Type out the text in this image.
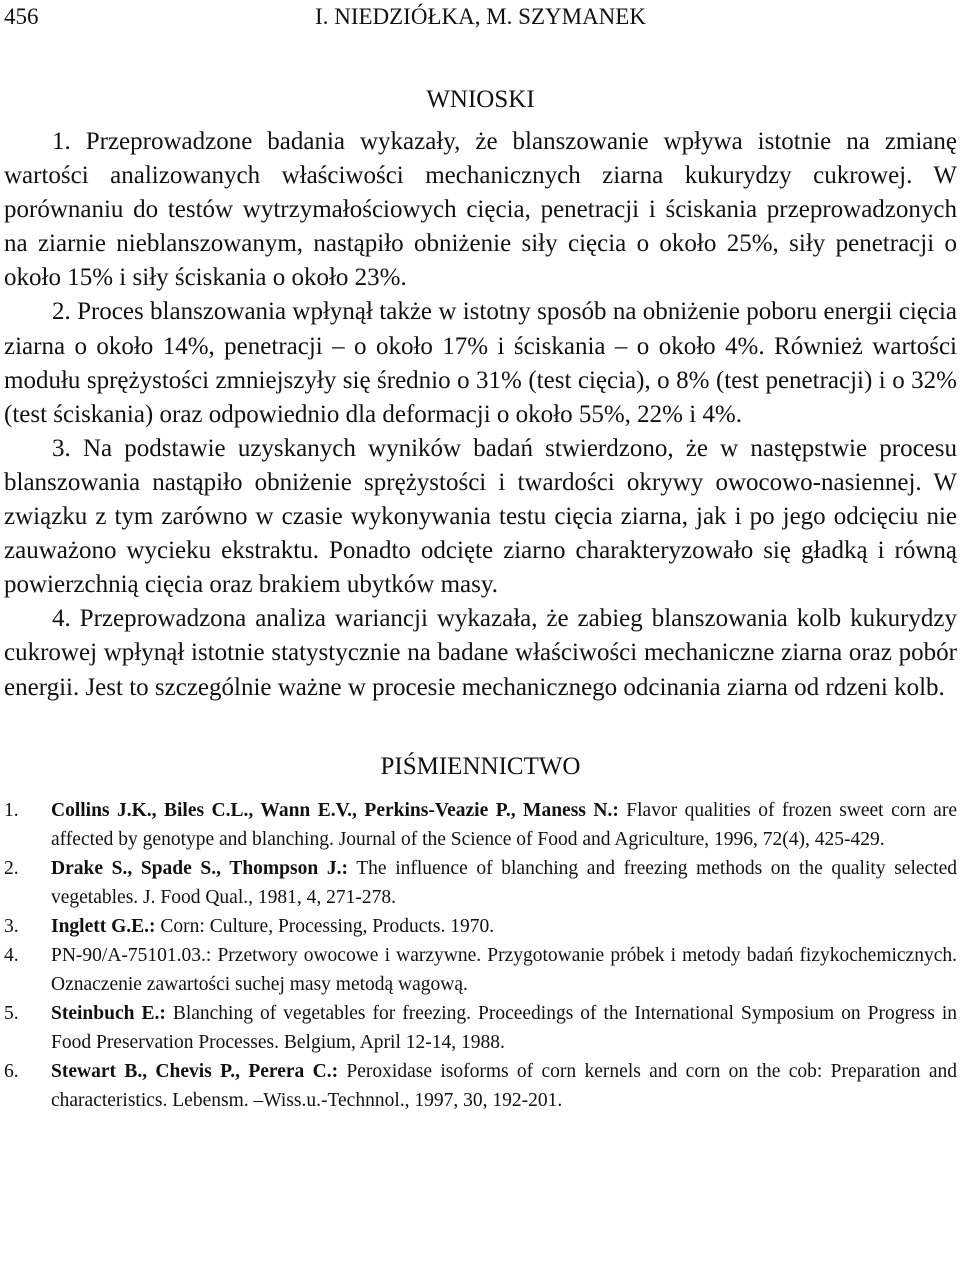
456	I. NIEDZIÓŁKA, M. SZYMANEK
WNIOSKI

1. Przeprowadzone badania wykazały, że blanszowanie wpływa istotnie na zmianę wartości analizowanych właściwości mechanicznych ziarna kukurydzy cukrowej. W porównaniu do testów wytrzymałościowych cięcia, penetracji i ściskania przeprowadzonych na ziarnie nieblanszowanym, nastąpiło obniżenie siły cięcia o około 25%, siły penetracji o około 15% i siły ściskania o około 23%.

2. Proces blanszowania wpłynął także w istotny sposób na obniżenie poboru energii cięcia ziarna o około 14%, penetracji – o około 17% i ściskania – o około 4%. Również wartości modułu sprężystości zmniejszyły się średnio o 31% (test cięcia), o 8% (test penetracji) i o 32% (test ściskania) oraz odpowiednio dla deformacji o około 55%, 22% i 4%.

3. Na podstawie uzyskanych wyników badań stwierdzono, że w następstwie procesu blanszowania nastąpiło obniżenie sprężystości i twardości okrywy owocowo-nasiennej. W związku z tym zarówno w czasie wykonywania testu cięcia ziarna, jak i po jego odcięciu nie zauważono wycieku ekstraktu. Ponadto odcięte ziarno charakteryzowało się gładką i równą powierzchnią cięcia oraz brakiem ubytków masy.

4. Przeprowadzona analiza wariancji wykazała, że zabieg blanszowania kolb kukurydzy cukrowej wpłynął istotnie statystycznie na badane właściwości mechaniczne ziarna oraz pobór energii. Jest to szczególnie ważne w procesie mechanicznego odcinania ziarna od rdzeni kolb.

PIŚMIENNICTWO
1. Collins J.K., Biles C.L., Wann E.V., Perkins-Veazie P., Maness N.: Flavor qualities of frozen sweet corn are affected by genotype and blanching. Journal of the Science of Food and Agriculture, 1996, 72(4), 425-429.
2. Drake S., Spade S., Thompson J.: The influence of blanching and freezing methods on the quality selected vegetables. J. Food Qual., 1981, 4, 271-278.
3. Inglett G.E.: Corn: Culture, Processing, Products. 1970.
4. PN-90/A-75101.03.: Przetwory owocowe i warzywne. Przygotowanie próbek i metody badań fizykochemicznych. Oznaczenie zawartości suchej masy metodą wagową.
5. Steinbuch E.: Blanching of vegetables for freezing. Proceedings of the International Symposium on Progress in Food Preservation Processes. Belgium, April 12-14, 1988.
6. Stewart B., Chevis P., Perera C.: Peroxidase isoforms of corn kernels and corn on the cob: Preparation and characteristics. Lebensm. –Wiss.u.-Technnol., 1997, 30, 192-201.
